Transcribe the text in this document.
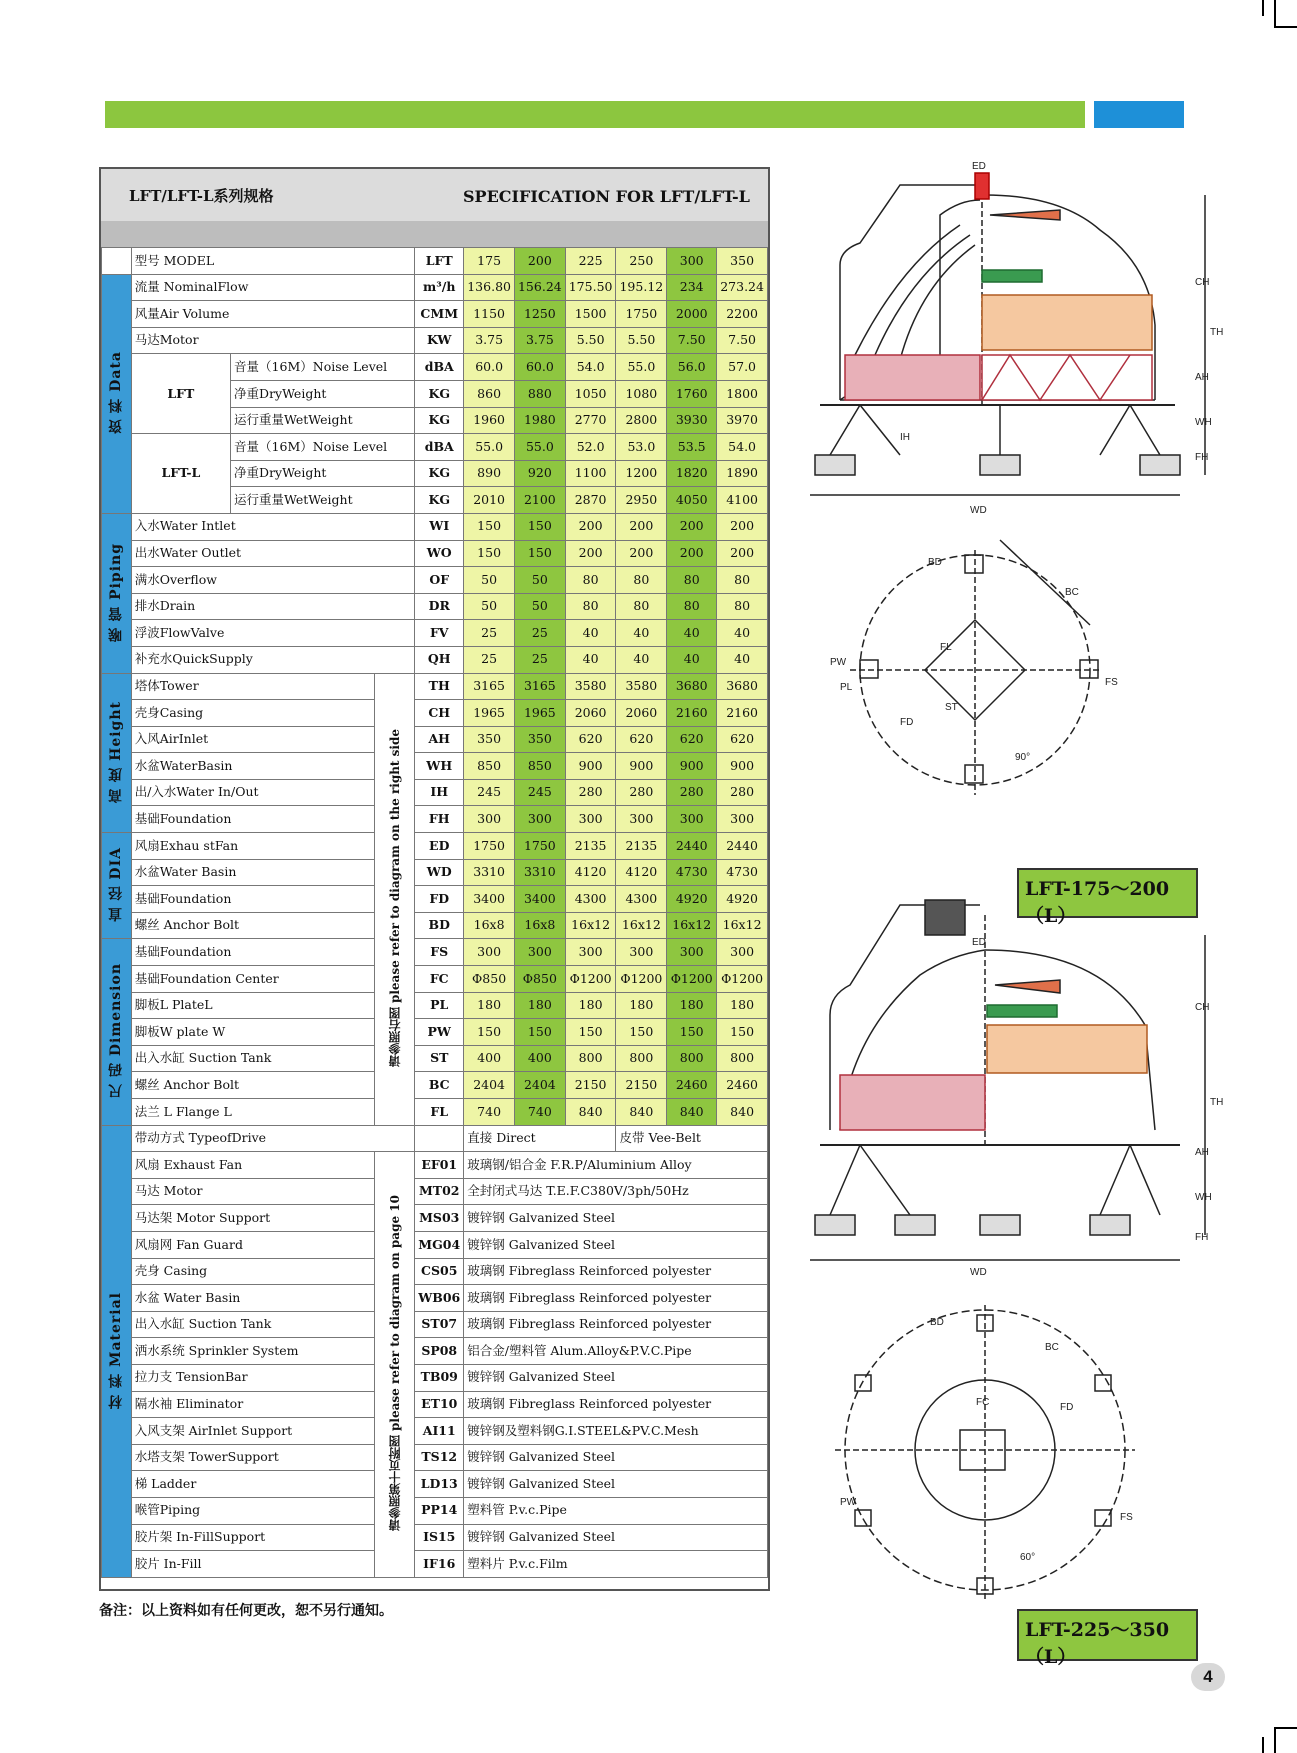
LFT/LFT-L系列规格	SPECIFICATION FOR LFT/LFT-L
	型号 MODEL			LFT	175	200	225	250	300	350
资 料 Data	流量 NominalFlow			m³/h	136.80	156.24	175.50	195.12	234	273.24
	风量Air Volume			CMM	1150	1250	1500	1750	2000	2200
	马达Motor			KW	3.75	3.75	5.50	5.50	7.50	7.50
	LFT	音量（16M）Noise Level		dBA	60.0	60.0	54.0	55.0	56.0	57.0
		净重DryWeight		KG	860	880	1050	1080	1760	1800
		运行重量WetWeight		KG	1960	1980	2770	2800	3930	3970
	LFT-L	音量（16M）Noise Level		dBA	55.0	55.0	52.0	53.0	53.5	54.0
		净重DryWeight		KG	890	920	1100	1200	1820	1890
		运行重量WetWeight		KG	2010	2100	2870	2950	4050	4100
喉 管 Piping	入水Water Intlet			WI	150	150	200	200	200	200
	出水Water Outlet			WO	150	150	200	200	200	200
	满水Overflow			OF	50	50	80	80	80	80
	排水Drain			DR	50	50	80	80	80	80
	浮波FlowValve			FV	25	25	40	40	40	40
	补充水QuickSupply			QH	25	25	40	40	40	40
高 度 Height	塔体Tower		请参照右图 please refer to diagram on the right side	TH	3165	3165	3580	3580	3680	3680
	壳身Casing			CH	1965	1965	2060	2060	2160	2160
	入风AirInlet			AH	350	350	620	620	620	620
	水盆WaterBasin			WH	850	850	900	900	900	900
	出/入水Water In/Out			IH	245	245	280	280	280	280
	基础Foundation			FH	300	300	300	300	300	300
直 径 DIA	风扇Exhau stFan			ED	1750	1750	2135	2135	2440	2440
	水盆Water Basin			WD	3310	3310	4120	4120	4730	4730
	基础Foundation			FD	3400	3400	4300	4300	4920	4920
	螺丝 Anchor Bolt			BD	16x8	16x8	16x12	16x12	16x12	16x12
尺 码 Dimension	基础Foundation			FS	300	300	300	300	300	300
	基础Foundation Center			FC	Φ850	Φ850	Φ1200	Φ1200	Φ1200	Φ1200
	脚板L PlateL			PL	180	180	180	180	180	180
	脚板W plate W			PW	150	150	150	150	150	150
	出入水缸 Suction Tank			ST	400	400	800	800	800	800
	螺丝 Anchor Bolt			BC	2404	2404	2150	2150	2460	2460
	法兰 L Flange L			FL	740	740	840	840	840	840
材 料 Material	带动方式 TypeofDrive				直接 Direct			皮带 Vee-Belt		
	风扇 Exhaust Fan		请参照第十页附图 please refer to diagram on page 10	EF01	玻璃钢/铝合金 F.R.P/Aluminium Alloy					
	马达 Motor			MT02	全封闭式马达 T.E.F.C380V/3ph/50Hz					
	马达架 Motor Support			MS03	镀锌钢 Galvanized Steel					
	风扇网 Fan Guard			MG04	镀锌钢 Galvanized Steel					
	壳身 Casing			CS05	玻璃钢 Fibreglass Reinforced polyester					
	水盆 Water Basin			WB06	玻璃钢 Fibreglass Reinforced polyester					
	出入水缸 Suction Tank			ST07	玻璃钢 Fibreglass Reinforced polyester					
	洒水系统 Sprinkler System			SP08	铝合金/塑料管 Alum.Alloy&P.V.C.Pipe					
	拉力支 TensionBar			TB09	镀锌钢 Galvanized Steel					
	隔水袖 Eliminator			ET10	玻璃钢 Fibreglass Reinforced polyester					
	入风支架 AirInlet Support			AI11	镀锌钢及塑料钢G.I.STEEL&PV.C.Mesh					
	水塔支架 TowerSupport			TS12	镀锌钢 Galvanized Steel					
	梯 Ladder			LD13	镀锌钢 Galvanized Steel					
	喉管Piping			PP14	塑料管 P.v.c.Pipe					
	胶片架 In-FillSupport			IS15	镀锌钢 Galvanized Steel					
	胶片 In-Fill			IF16	塑料片 P.v.c.Film					
备注：以上资料如有任何更改，恕不另行通知。
ED
WD
CH
TH
AH
WH
FH
IH
BD
BC
PW
PL
FL
FD
FS
ST
90°
ED
WD
CH
TH
AH
WH
FH
BD
BC
FC	FD
PW
FS
60°
LFT-175～200（L）
LFT-225～350（L）
4
